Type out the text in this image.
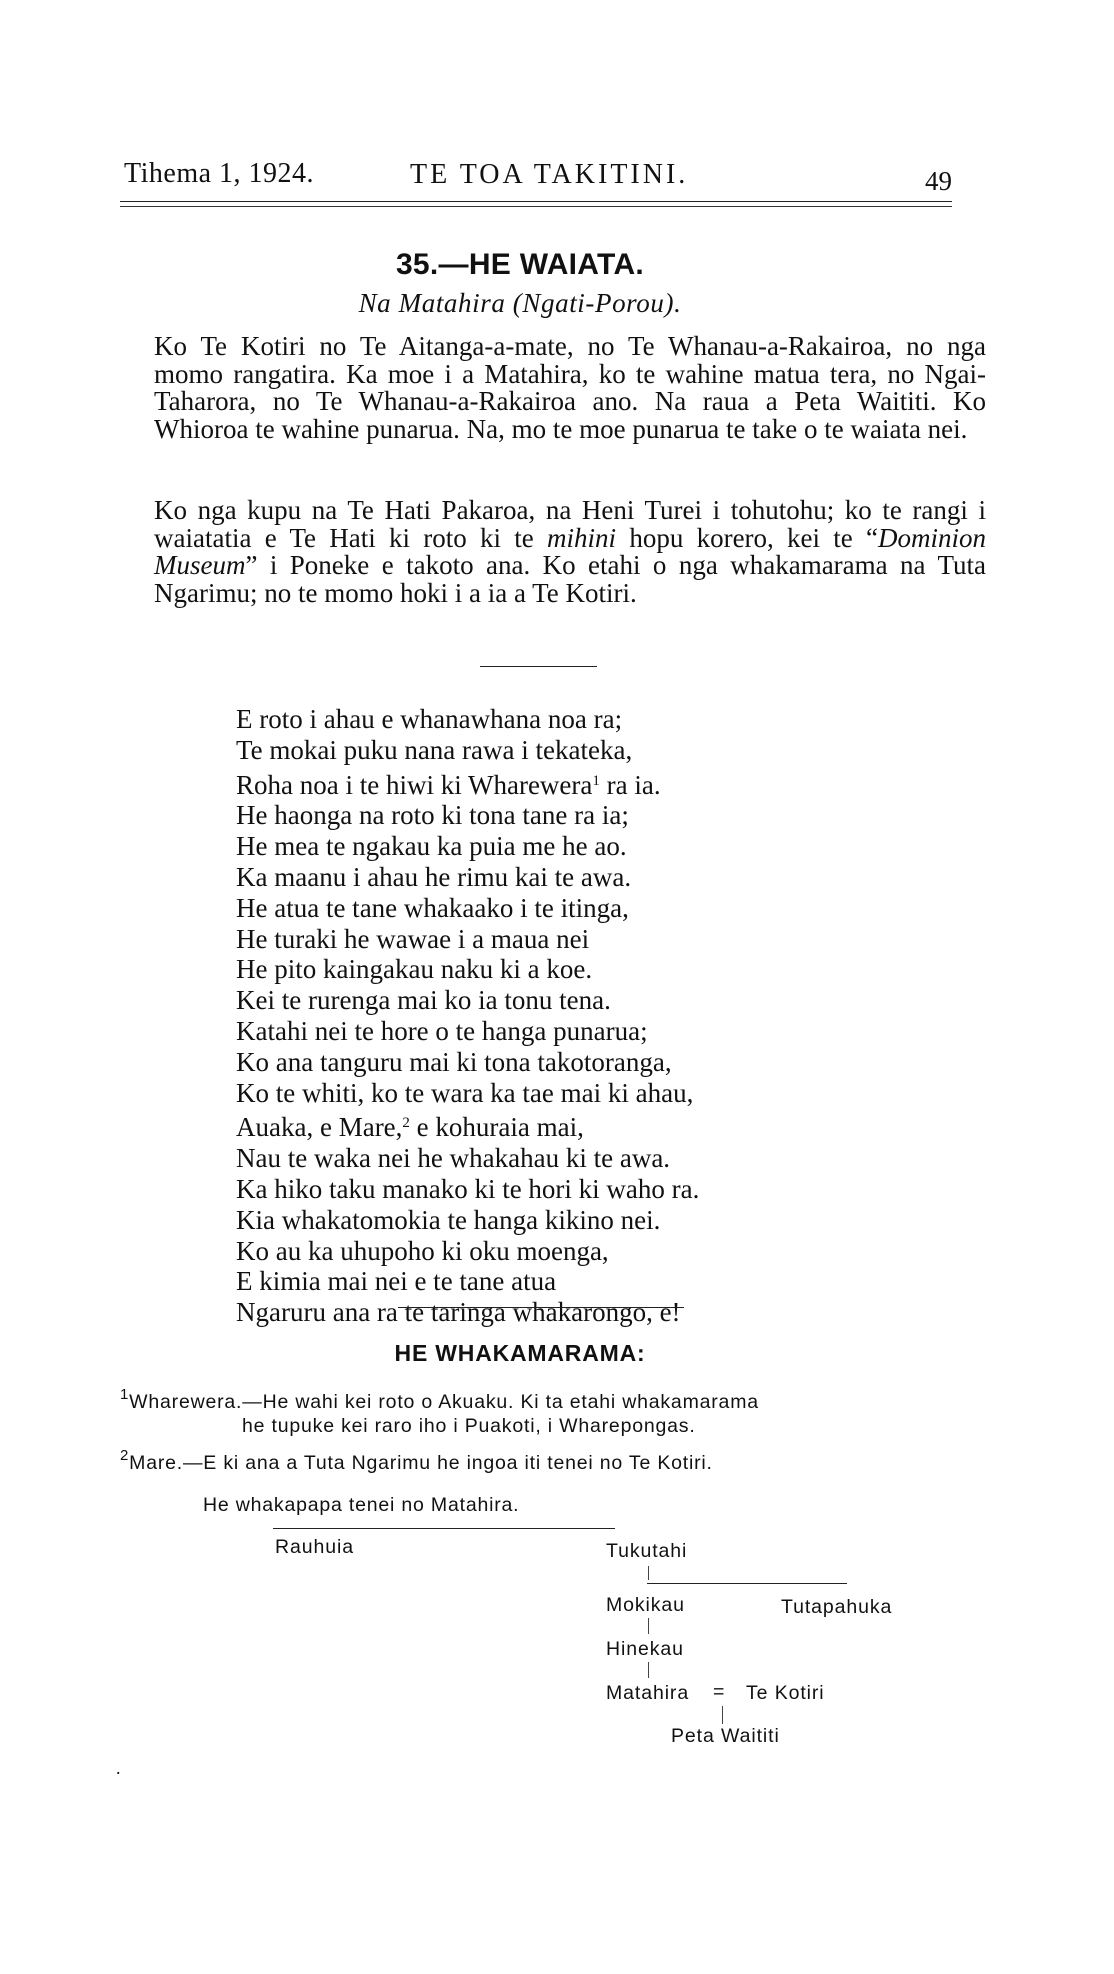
Tihema 1, 1924.	TE TOA TAKITINI.	49
35.—HE WAIATA.
Na Matahira (Ngati-Porou).
Ko Te Kotiri no Te Aitanga-a-mate, no Te Whanau-a-Rakairoa, no nga momo rangatira. Ka moe i a Matahira, ko te wahine matua tera, no Ngai-Taharora, no Te Whanau-a-Rakairoa ano. Na raua a Peta Waititi. Ko Whioroa te wahine punarua. Na, mo te moe punarua te take o te waiata nei.
Ko nga kupu na Te Hati Pakaroa, na Heni Turei i tohutohu; ko te rangi i waiatatia e Te Hati ki roto ki te mihini hopu korero, kei te “Dominion Museum” i Poneke e takoto ana. Ko etahi o nga whakamarama na Tuta Ngarimu; no te momo hoki i a ia a Te Kotiri.
E roto i ahau e whanawhana noa ra;
Te mokai puku nana rawa i tekateka,
Roha noa i te hiwi ki Wharewera$^1$ ra ia.
He haonga na roto ki tona tane ra ia;
He mea te ngakau ka puia me he ao.
Ka maanu i ahau he rimu kai te awa.
He atua te tane whakaako i te itinga,
He turaki he wawae i a maua nei
He pito kaingakau naku ki a koe.
Kei te rurenga mai ko ia tonu tena.
Katahi nei te hore o te hanga punarua;
Ko ana tanguru mai ki tona takotoranga,
Ko te whiti, ko te wara ka tae mai ki ahau,
Auaka, e Mare,$^2$ e kohuraia mai,
Nau te waka nei he whakahau ki te awa.
Ka hiko taku manako ki te hori ki waho ra.
Kia whakatomokia te hanga kikino nei.
Ko au ka uhupoho ki oku moenga,
E kimia mai nei e te tane atua
Ngaruru ana ra te taringa whakarongo, e!
HE WHAKAMARAMA:
$^1$Wharewera.—He wahi kei roto o Akuaku. Ki ta etahi whakamarama
he tupuke kei raro iho i Puakoti, i Wharepongas.
$^2$Mare.—E ki ana a Tuta Ngarimu he ingoa iti tenei no Te Kotiri.
He whakapapa tenei no Matahira.
Rauhuia	Tukutahi
Mokikau	Tutapahuka
Hinekau
Matahira = Te Kotiri
Peta Waititi
.
